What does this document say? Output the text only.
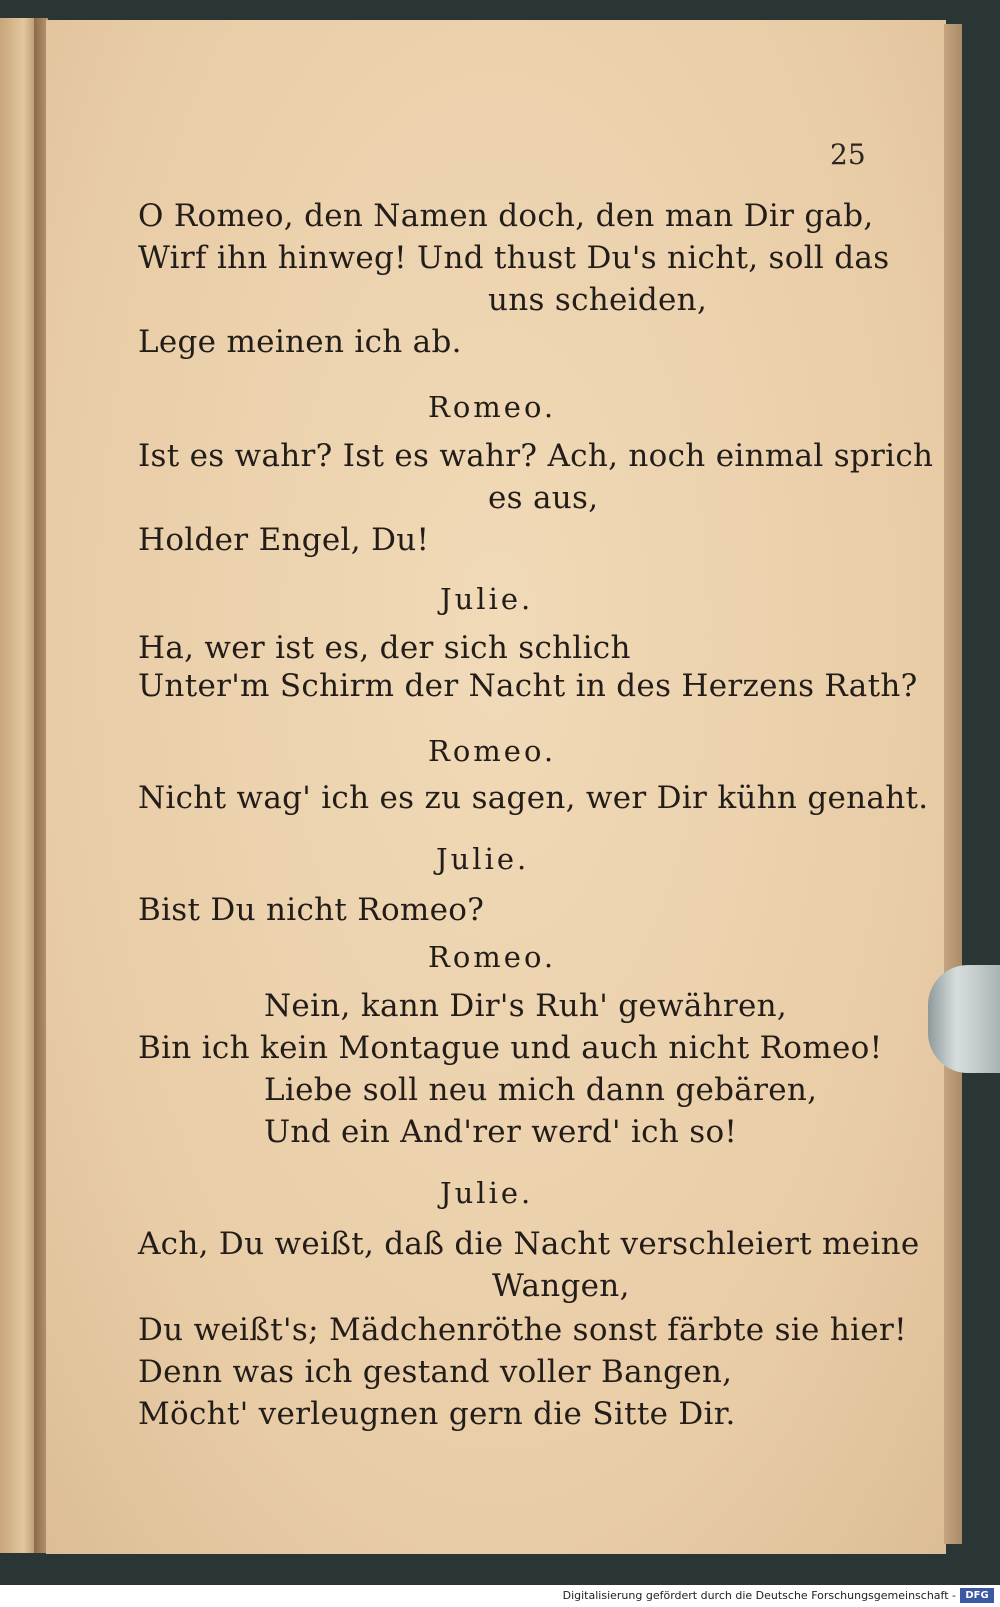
25
O Romeo, den Namen doch, den man Dir gab,
Wirf ihn hinweg! Und thust Du's nicht, soll das
uns scheiden,
Lege meinen ich ab.
Romeo.
Ist es wahr? Ist es wahr? Ach, noch einmal sprich
es aus,
Holder Engel, Du!
Julie.
Ha, wer ist es, der sich schlich
Unter'm Schirm der Nacht in des Herzens Rath?
Romeo.
Nicht wag' ich es zu sagen, wer Dir kühn genaht.
Julie.
Bist Du nicht Romeo?
Romeo.
Nein, kann Dir's Ruh' gewähren,
Bin ich kein Montague und auch nicht Romeo!
Liebe soll neu mich dann gebären,
Und ein And'rer werd' ich so!
Julie.
Ach, Du weißt, daß die Nacht verschleiert meine
Wangen,
Du weißt's; Mädchenröthe sonst färbte sie hier!
Denn was ich gestand voller Bangen,
Möcht' verleugnen gern die Sitte Dir.
Digitalisierung gefördert durch die Deutsche Forschungsgemeinschaft - DFG
